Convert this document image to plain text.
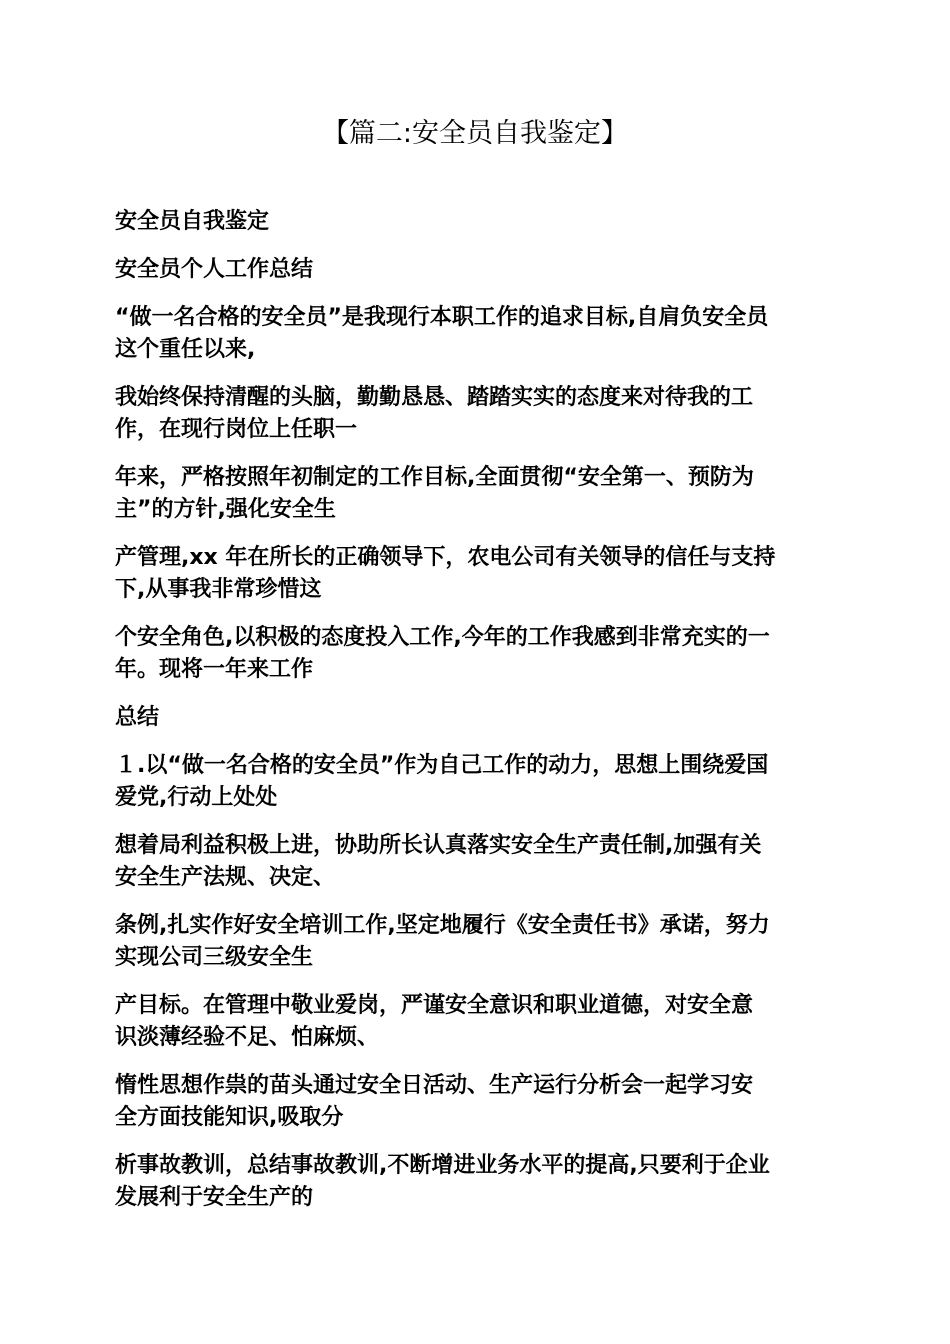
【篇二:安全员自我鉴定】

安全员自我鉴定

安全员个人工作总结

“做一名合格的安全员”是我现行本职工作的追求目标,自肩负安全员
这个重任以来,

我始终保持清醒的头脑，勤勤恳恳、踏踏实实的态度来对待我的工
作，在现行岗位上任职一

年来，严格按照年初制定的工作目标,全面贯彻“安全第一、预防为
主”的方针,强化安全生

产管理,xx 年在所长的正确领导下，农电公司有关领导的信任与支持
下,从事我非常珍惜这

个安全角色,以积极的态度投入工作,今年的工作我感到非常充实的一
年。现将一年来工作

总结

１.以“做一名合格的安全员”作为自己工作的动力，思想上围绕爱国
爱党,行动上处处

想着局利益积极上进，协助所长认真落实安全生产责任制,加强有关
安全生产法规、决定、

条例,扎实作好安全培训工作,坚定地履行《安全责任书》承诺，努力
实现公司三级安全生

产目标。在管理中敬业爱岗，严谨安全意识和职业道德，对安全意
识淡薄经验不足、怕麻烦、

惰性思想作祟的苗头通过安全日活动、生产运行分析会一起学习安
全方面技能知识,吸取分

析事故教训，总结事故教训,不断增进业务水平的提高,只要利于企业
发展利于安全生产的
